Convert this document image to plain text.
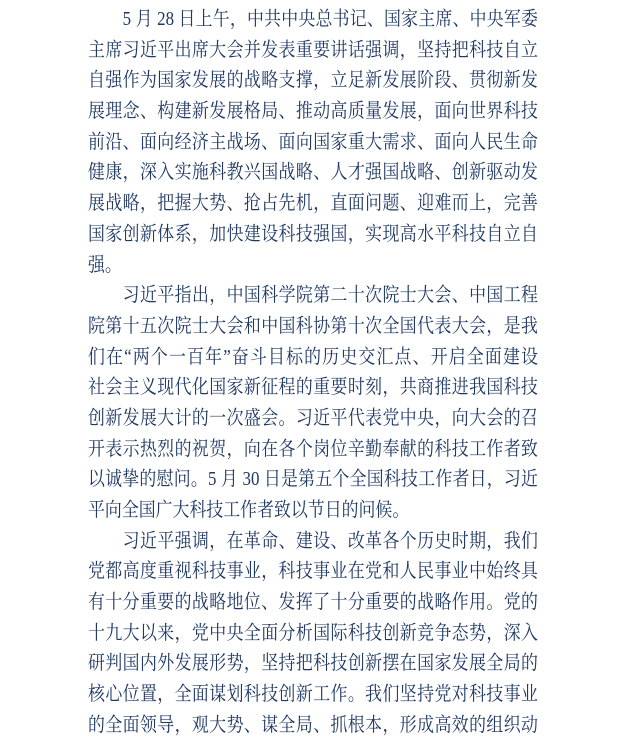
5 月 28 日上午，中共中央总书记、国家主席、中央军委
主席习近平出席大会并发表重要讲话强调，坚持把科技自立
自强作为国家发展的战略支撑，立足新发展阶段、贯彻新发
展理念、构建新发展格局、推动高质量发展，面向世界科技
前沿、面向经济主战场、面向国家重大需求、面向人民生命
健康，深入实施科教兴国战略、人才强国战略、创新驱动发
展战略，把握大势、抢占先机，直面问题、迎难而上，完善
国家创新体系，加快建设科技强国，实现高水平科技自立自
强。
习近平指出，中国科学院第二十次院士大会、中国工程
院第十五次院士大会和中国科协第十次全国代表大会，是我
们在“两个一百年”奋斗目标的历史交汇点、开启全面建设
社会主义现代化国家新征程的重要时刻，共商推进我国科技
创新发展大计的一次盛会。习近平代表党中央，向大会的召
开表示热烈的祝贺，向在各个岗位辛勤奉献的科技工作者致
以诚挚的慰问。5 月 30 日是第五个全国科技工作者日，习近
平向全国广大科技工作者致以节日的问候。
习近平强调，在革命、建设、改革各个历史时期，我们
党都高度重视科技事业，科技事业在党和人民事业中始终具
有十分重要的战略地位、发挥了十分重要的战略作用。党的
十九大以来，党中央全面分析国际科技创新竞争态势，深入
研判国内外发展形势，坚持把科技创新摆在国家发展全局的
核心位置，全面谋划科技创新工作。我们坚持党对科技事业
的全面领导，观大势、谋全局、抓根本，形成高效的组织动
